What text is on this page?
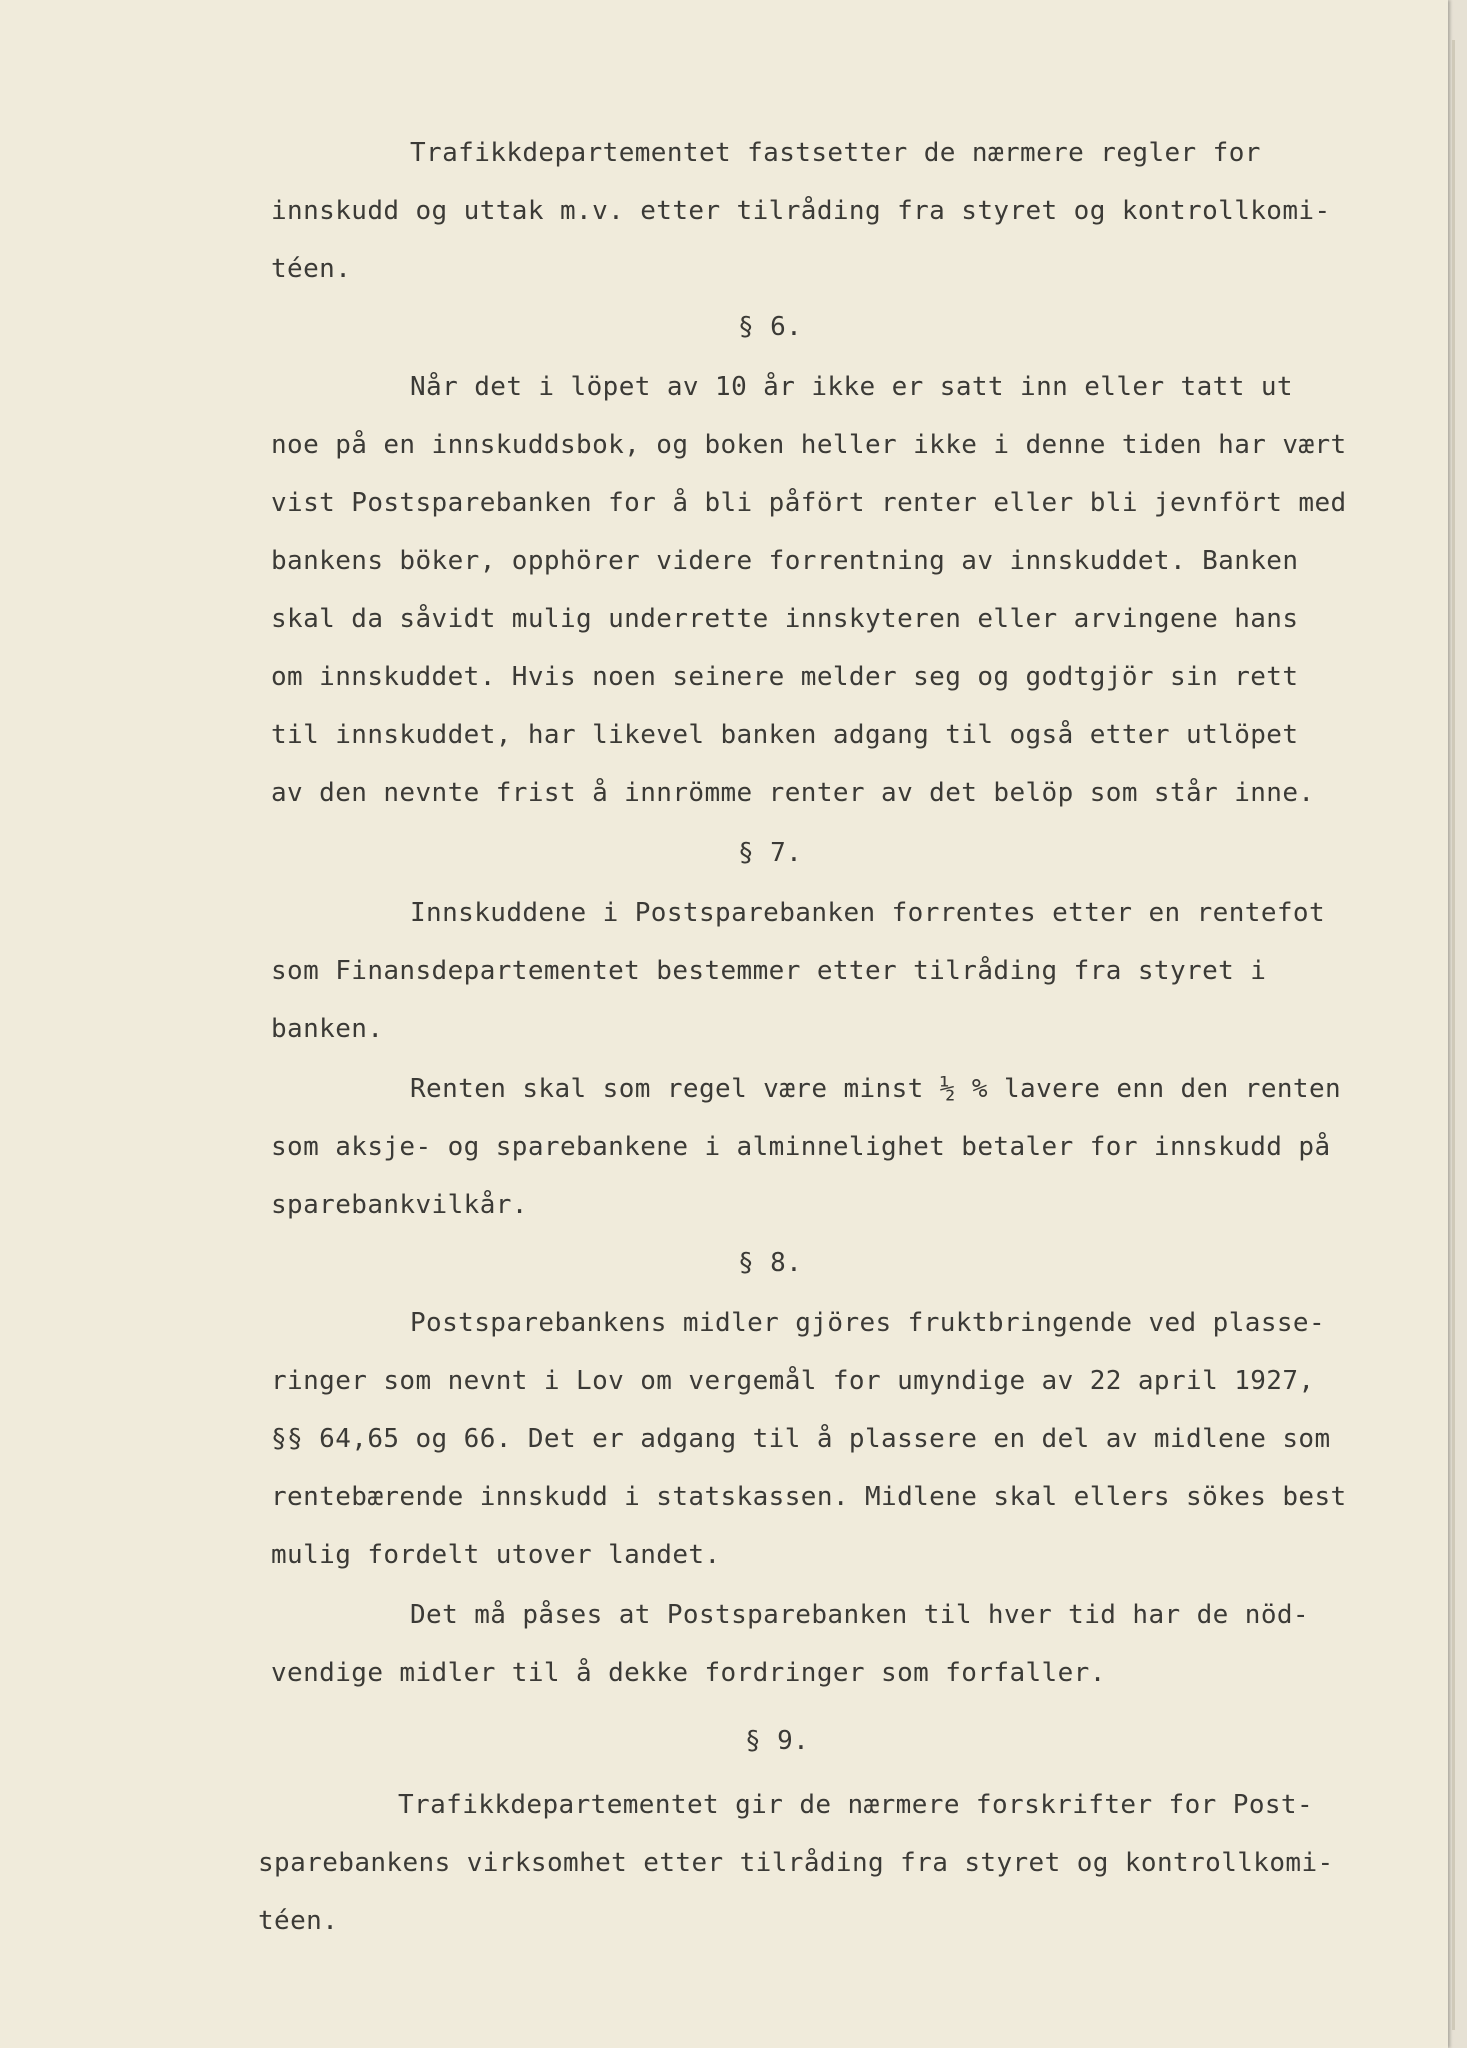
Trafikkdepartementet fastsetter de nærmere regler for
innskudd og uttak m.v. etter tilråding fra styret og kontrollkomi-
téen.
§ 6.
Når det i löpet av 10 år ikke er satt inn eller tatt ut
noe på en innskuddsbok, og boken heller ikke i denne tiden har vært
vist Postsparebanken for å bli påfört renter eller bli jevnfört med
bankens böker, opphörer videre forrentning av innskuddet. Banken
skal da såvidt mulig underrette innskyteren eller arvingene hans
om innskuddet. Hvis noen seinere melder seg og godtgjör sin rett
til innskuddet, har likevel banken adgang til også etter utlöpet
av den nevnte frist å innrömme renter av det belöp som står inne.
§ 7.
Innskuddene i Postsparebanken forrentes etter en rentefot
som Finansdepartementet bestemmer etter tilråding fra styret i
banken.
Renten skal som regel være minst ½ % lavere enn den renten
som aksje- og sparebankene i alminnelighet betaler for innskudd på
sparebankvilkår.
§ 8.
Postsparebankens midler gjöres fruktbringende ved plasse-
ringer som nevnt i Lov om vergemål for umyndige av 22 april 1927,
§§ 64,65 og 66. Det er adgang til å plassere en del av midlene som
rentebærende innskudd i statskassen. Midlene skal ellers sökes best
mulig fordelt utover landet.
Det må påses at Postsparebanken til hver tid har de nöd-
vendige midler til å dekke fordringer som forfaller.
§ 9.
Trafikkdepartementet gir de nærmere forskrifter for Post-
sparebankens virksomhet etter tilråding fra styret og kontrollkomi-
téen.
